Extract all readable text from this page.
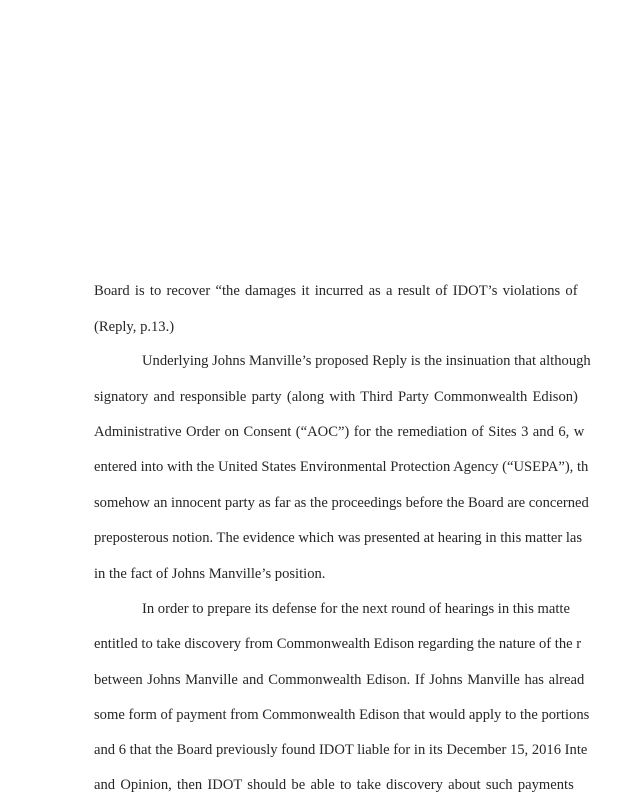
Board is to recover “the damages it incurred as a result of IDOT’s violations of
(Reply, p.13.)
Underlying Johns Manville’s proposed Reply is the insinuation that although
signatory and responsible party (along with Third Party Commonwealth Edison)
Administrative Order on Consent (“AOC”) for the remediation of Sites 3 and 6, w
entered into with the United States Environmental Protection Agency (“USEPA”), th
somehow an innocent party as far as the proceedings before the Board are concerned
preposterous notion. The evidence which was presented at hearing in this matter las
in the fact of Johns Manville’s position.
In order to prepare its defense for the next round of hearings in this matte
entitled to take discovery from Commonwealth Edison regarding the nature of the r
between Johns Manville and Commonwealth Edison. If Johns Manville has alread
some form of payment from Commonwealth Edison that would apply to the portions
and 6 that the Board previously found IDOT liable for in its December 15, 2016 Inte
and Opinion, then IDOT should be able to take discovery about such payments
